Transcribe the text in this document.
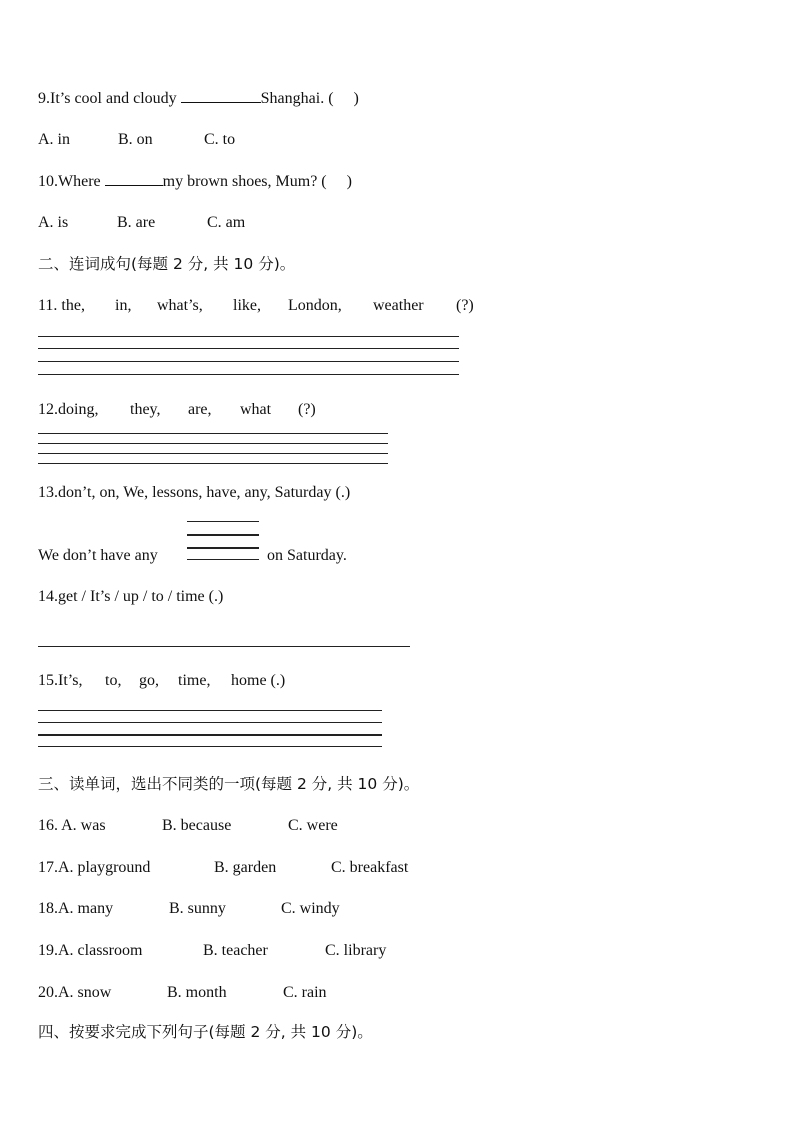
9.It’s cool and cloudy	Shanghai. (     )
A. in	B. on	C. to
10.Where	my brown shoes, Mum? (     )
A. is	B. are	C. am
二、连词成句(每题 2 分, 共 10 分)。
11. the, in, what’s, like, London, weather (?)
12.doing, they, are, what (?)
13.don’t, on, We, lessons, have, any, Saturday (.)
We don’t have any	on Saturday.
14.get / It’s / up / to / time (.)
15.It’s, to, go, time, home (.)
三、读单词，选出不同类的一项(每题 2 分, 共 10 分)。
16. A. was	B. because	C. were
17.A. playground	B. garden	C. breakfast
18.A. many	B. sunny	C. windy
19.A. classroom	B. teacher	C. library
20.A. snow	B. month	C. rain
四、按要求完成下列句子(每题 2 分, 共 10 分)。
